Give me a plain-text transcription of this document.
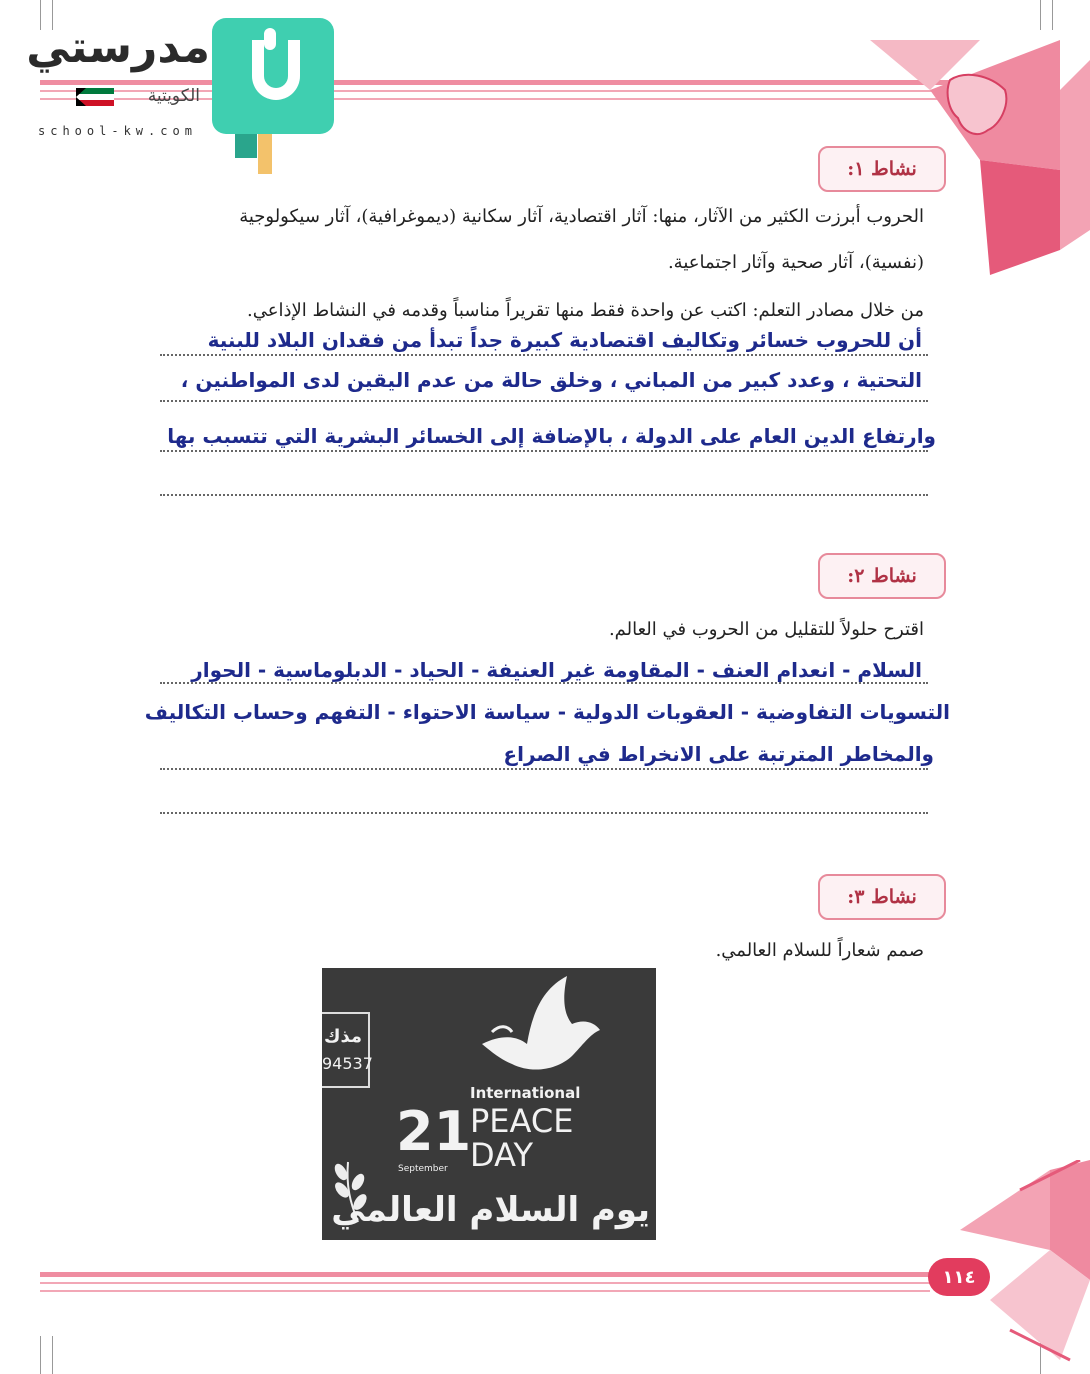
مدرستي
الكويتية
school-kw.com
نشاط ١:
الحروب أبرزت الكثير من الآثار، منها: آثار اقتصادية، آثار سكانية (ديموغرافية)، آثار سيكولوجية
(نفسية)، آثار صحية وآثار اجتماعية.
من خلال مصادر التعلم: اكتب عن واحدة فقط منها تقريراً مناسباً وقدمه في النشاط الإذاعي.
أن للحروب خسائر وتكاليف اقتصادية كبيرة جداً تبدأ من فقدان البلاد للبنية
التحتية ، وعدد كبير من المباني ، وخلق حالة من عدم اليقين لدى المواطنين ،
وارتفاع الدين العام على الدولة ، بالإضافة إلى الخسائر البشرية التي تتسبب بها
نشاط ٢:
اقترح حلولاً للتقليل من الحروب في العالم.
السلام - انعدام العنف - المقاومة غير العنيفة - الحياد - الدبلوماسية - الحوار
التسويات التفاوضية - العقوبات الدولية - سياسة الاحتواء - التفهم وحساب التكاليف
والمخاطر المترتبة على الانخراط في الصراع
نشاط ٣:
صمم شعاراً للسلام العالمي.
مذك
94537
International
21
PEACE
DAY
September
يوم السلام العالمي
١١٤
